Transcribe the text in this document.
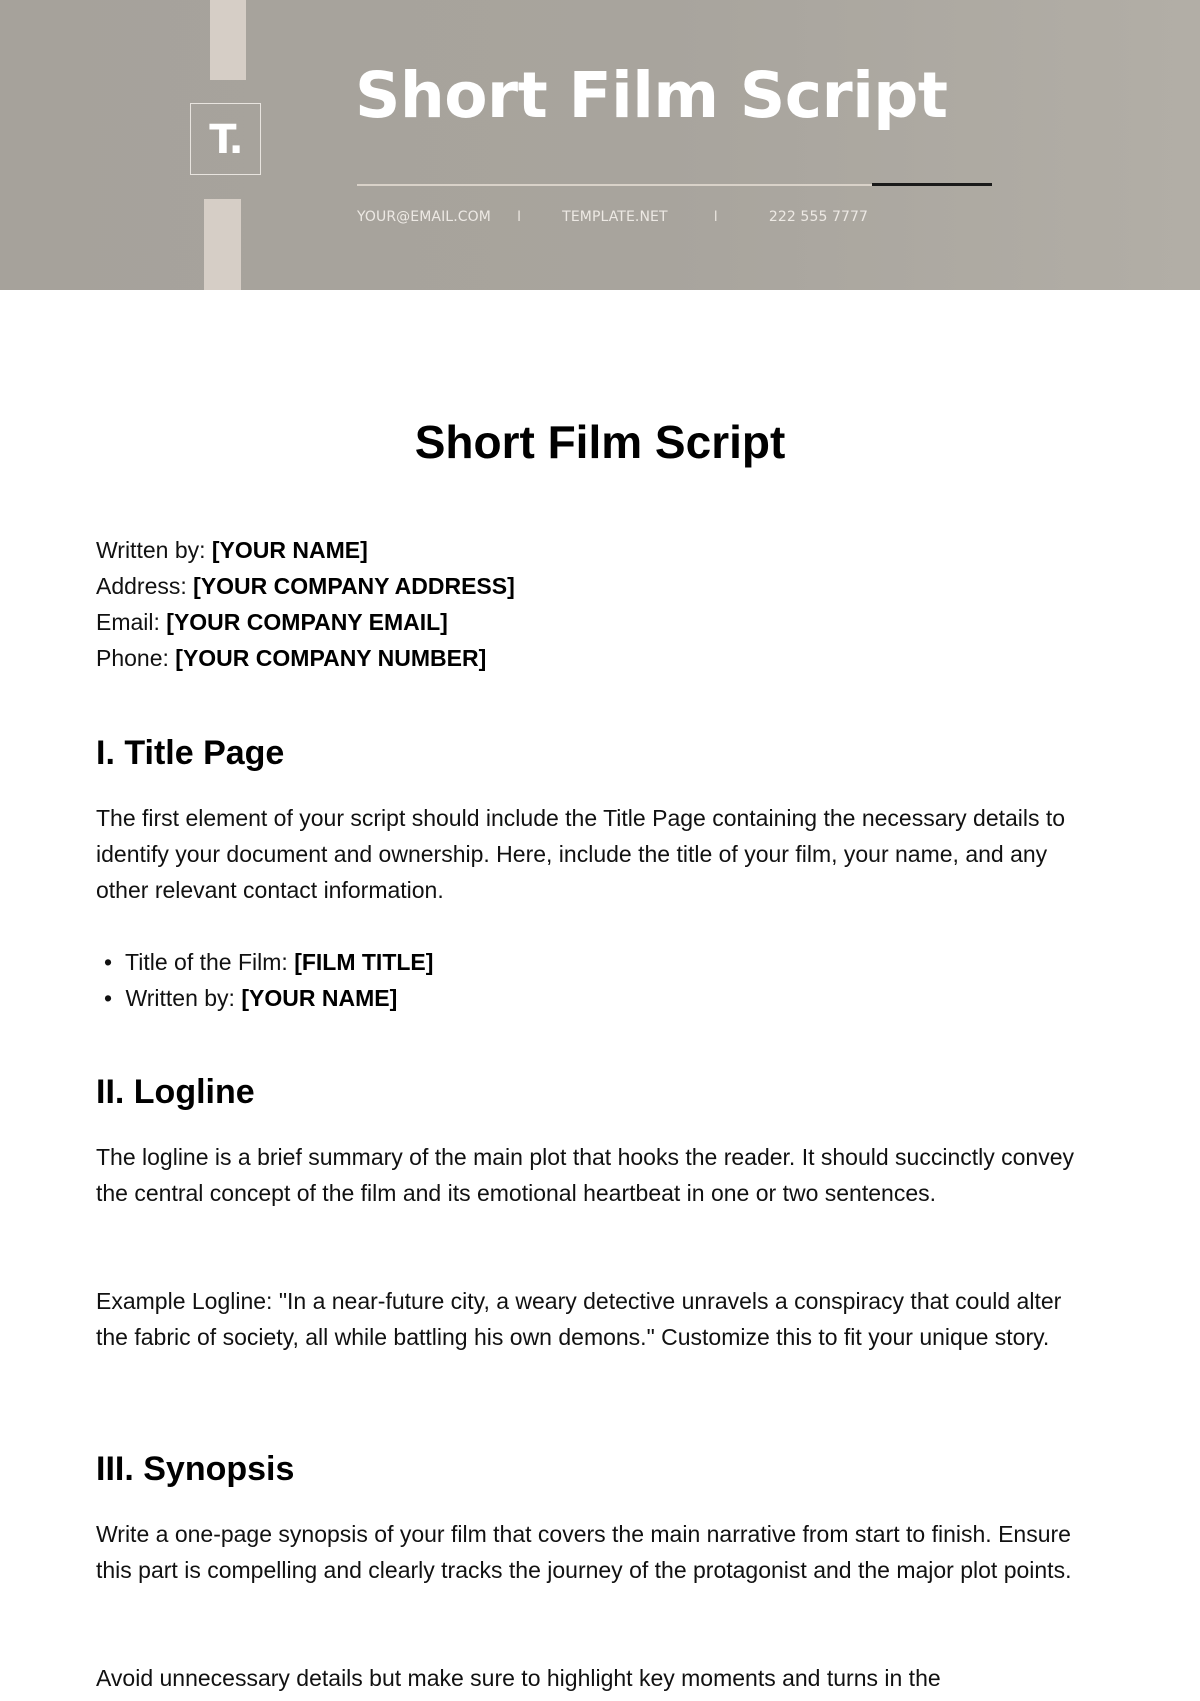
T.
Short Film Script
YOUR@EMAIL.COM I	TEMPLATE.NET	I	222 555 7777
Short Film Script
Written by: [YOUR NAME]
Address: [YOUR COMPANY ADDRESS]
Email: [YOUR COMPANY EMAIL]
Phone: [YOUR COMPANY NUMBER]
I. Title Page

The first element of your script should include the Title Page containing the necessary details to identify your document and ownership. Here, include the title of your film, your name, and any other relevant contact information.

• Title of the Film: [FILM TITLE]
• Written by: [YOUR NAME]
II. Logline

The logline is a brief summary of the main plot that hooks the reader. It should succinctly convey the central concept of the film and its emotional heartbeat in one or two sentences.

Example Logline: "In a near-future city, a weary detective unravels a conspiracy that could alter the fabric of society, all while battling his own demons." Customize this to fit your unique story.

III. Synopsis

Write a one-page synopsis of your film that covers the main narrative from start to finish. Ensure this part is compelling and clearly tracks the journey of the protagonist and the major plot points.

Avoid unnecessary details but make sure to highlight key moments and turns in the
